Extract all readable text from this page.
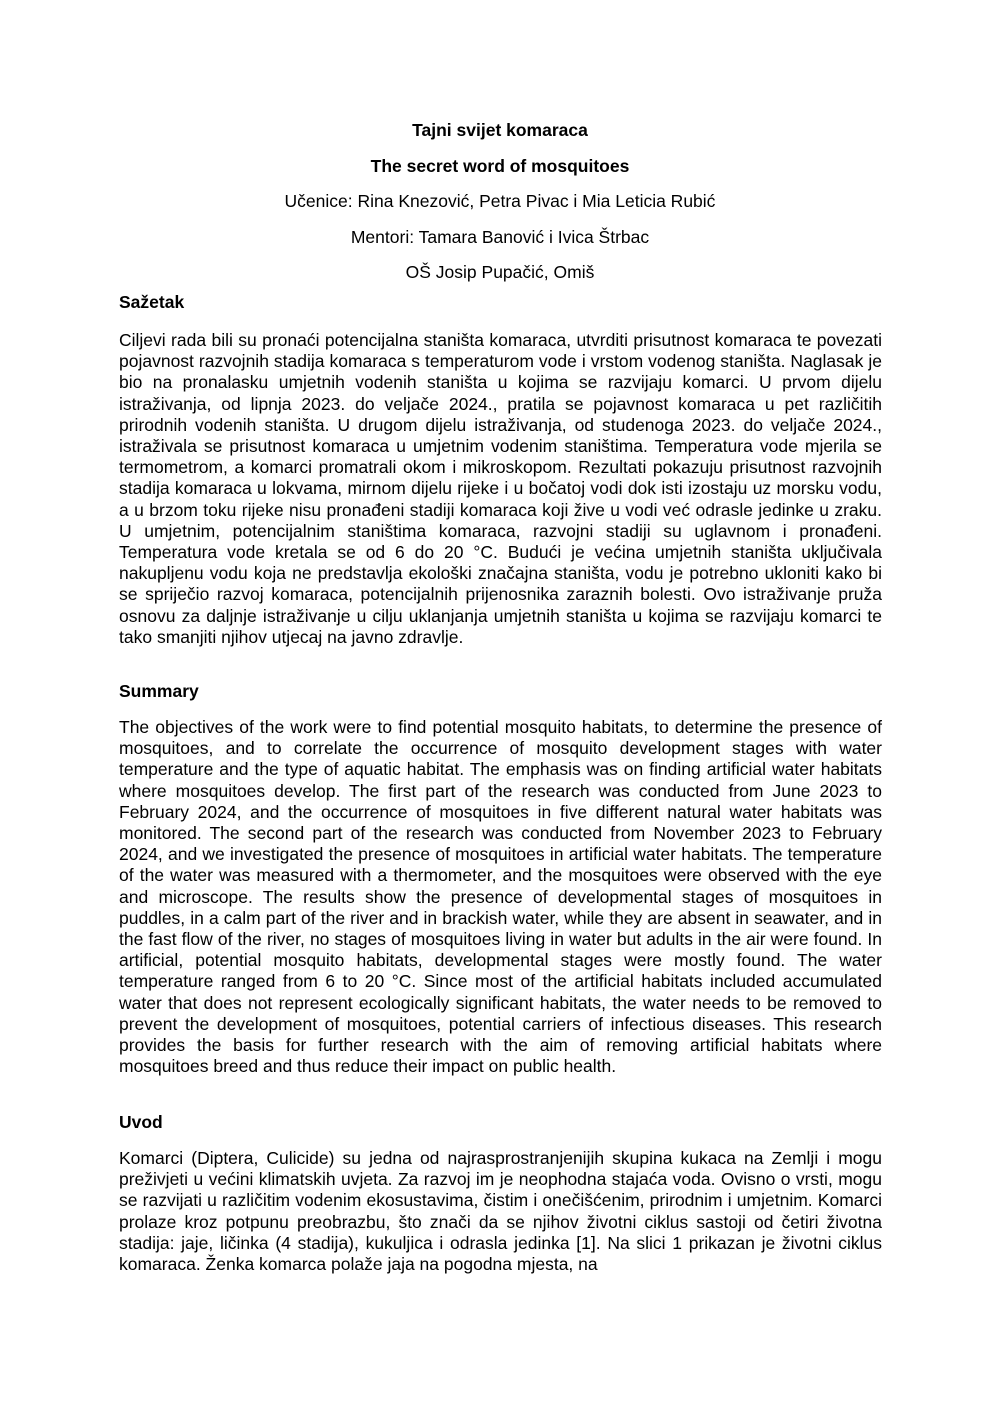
Tajni svijet komaraca
The secret word of mosquitoes
Učenice: Rina Knezović, Petra Pivac i Mia Leticia Rubić
Mentori: Tamara Banović i Ivica Štrbac
OŠ Josip Pupačić, Omiš
Sažetak
Ciljevi rada bili su pronaći potencijalna staništa komaraca, utvrditi prisutnost komaraca te povezati pojavnost razvojnih stadija komaraca s temperaturom vode i vrstom vodenog staništa. Naglasak je bio na pronalasku umjetnih vodenih staništa u kojima se razvijaju komarci. U prvom dijelu istraživanja, od lipnja 2023. do veljače 2024., pratila se pojavnost komaraca u pet različitih prirodnih vodenih staništa. U drugom dijelu istraživanja, od studenoga 2023. do veljače 2024., istraživala se prisutnost komaraca u umjetnim vodenim staništima. Temperatura vode mjerila se termometrom, a komarci promatrali okom i mikroskopom. Rezultati pokazuju prisutnost razvojnih stadija komaraca u lokvama, mirnom dijelu rijeke i u bočatoj vodi dok isti izostaju uz morsku vodu, a u brzom toku rijeke nisu pronađeni stadiji komaraca koji žive u vodi već odrasle jedinke u zraku. U umjetnim, potencijalnim staništima komaraca, razvojni stadiji su uglavnom i pronađeni. Temperatura vode kretala se od 6 do 20 °C. Budući je većina umjetnih staništa uključivala nakupljenu vodu koja ne predstavlja ekološki značajna staništa, vodu je potrebno ukloniti kako bi se spriječio razvoj komaraca, potencijalnih prijenosnika zaraznih bolesti. Ovo istraživanje pruža osnovu za daljnje istraživanje u cilju uklanjanja umjetnih staništa u kojima se razvijaju komarci te tako smanjiti njihov utjecaj na javno zdravlje.
Summary
The objectives of the work were to find potential mosquito habitats, to determine the presence of mosquitoes, and to correlate the occurrence of mosquito development stages with water temperature and the type of aquatic habitat. The emphasis was on finding artificial water habitats where mosquitoes develop. The first part of the research was conducted from June 2023 to February 2024, and the occurrence of mosquitoes in five different natural water habitats was monitored. The second part of the research was conducted from November 2023 to February 2024, and we investigated the presence of mosquitoes in artificial water habitats. The temperature of the water was measured with a thermometer, and the mosquitoes were observed with the eye and microscope. The results show the presence of developmental stages of mosquitoes in puddles, in a calm part of the river and in brackish water, while they are absent in seawater, and in the fast flow of the river, no stages of mosquitoes living in water but adults in the air were found. In artificial, potential mosquito habitats, developmental stages were mostly found. The water temperature ranged from 6 to 20 °C. Since most of the artificial habitats included accumulated water that does not represent ecologically significant habitats, the water needs to be removed to prevent the development of mosquitoes, potential carriers of infectious diseases. This research provides the basis for further research with the aim of removing artificial habitats where mosquitoes breed and thus reduce their impact on public health.
Uvod
Komarci (Diptera, Culicide) su jedna od najrasprostranjenijih skupina kukaca na Zemlji i mogu preživjeti u većini klimatskih uvjeta. Za razvoj im je neophodna stajaća voda. Ovisno o vrsti, mogu se razvijati u različitim vodenim ekosustavima, čistim i onečišćenim, prirodnim i umjetnim. Komarci prolaze kroz potpunu preobrazbu, što znači da se njihov životni ciklus sastoji od četiri životna stadija: jaje, ličinka (4 stadija), kukuljica i odrasla jedinka [1]. Na slici 1 prikazan je životni ciklus komaraca. Ženka komarca polaže jaja na pogodna mjesta, na
